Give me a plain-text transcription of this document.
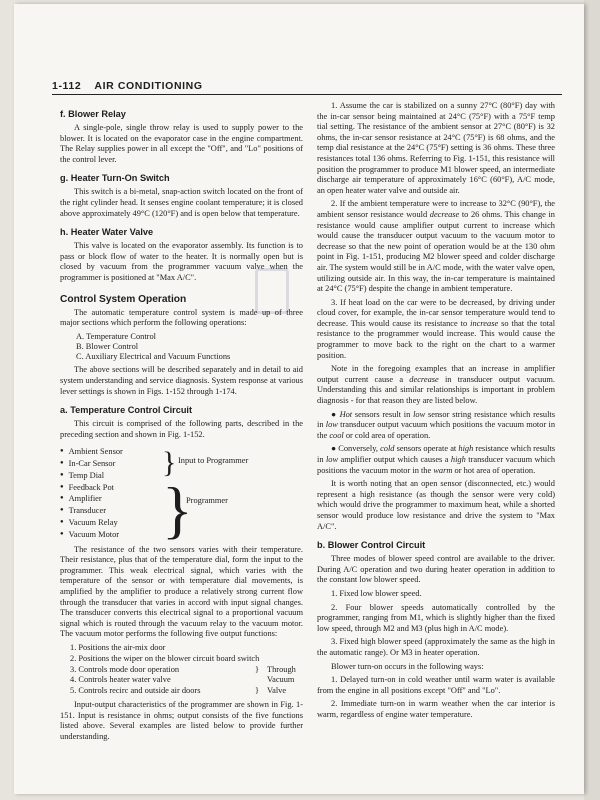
1-112 AIR CONDITIONING
f. Blower Relay

A single-pole, single throw relay is used to supply power to the blower. It is located on the evaporator case in the engine compartment. The Relay supplies power in all except the "Off", and "Lo" positions of the control lever.

g. Heater Turn-On Switch

This switch is a bi-metal, snap-action switch located on the front of the right cylinder head. It senses engine coolant temperature; it is closed above approximately 49°C (120°F) and is open below that temperature.

h. Heater Water Valve

This valve is located on the evaporator assembly. Its function is to pass or block flow of water to the heater. It is normally open but is closed by vacuum from the programmer vacuum valve when the programmer is positioned at "Max A/C".

Control System Operation

The automatic temperature control system is made up of three major sections which perform the following operations:

A. Temperature Control
B. Blower Control
C. Auxiliary Electrical and Vacuum Functions

The above sections will be described separately and in detail to aid system understanding and service diagnosis. System response at various lever settings is shown in Figs. 1-152 through 1-174.

a. Temperature Control Circuit

This circuit is comprised of the following parts, described in the preceding section and shown in Fig. 1-152.

● Ambient Sensor
● In-Car Sensor
● Temp Dial
● Feedback Pot
● Amplifier
● Transducer
● Vacuum Relay
● Vacuum Motor
} Input to Programmer
}
Programmer

The resistance of the two sensors varies with their temperature. Their resistance, plus that of the temperature dial, form the input to the programmer. This weak electrical signal, which varies with the temperature of the sensor or with temperature dial movements, is amplified by the amplifier to produce a relatively strong current flow through the transducer that varies in accord with input signal changes. The transducer converts this electrical signal to a proportional vacuum signal which is routed through the vacuum relay to the vacuum motor. The vacuum motor performs the following five output functions:

1. Positions the air-mix door
2. Positions the wiper on the blower circuit board switch
3. Controls mode door operation	} Through
4. Controls heater water valve	Vacuum
5. Controls recirc and outside air doors	} Valve

Input-output characteristics of the programmer are shown in Fig. 1-151. Input is resistance in ohms; output consists of the five functions listed above. Several examples are listed below to provide further understanding.

1. Assume the car is stabilized on a sunny 27°C (80°F) day with the in-car sensor being maintained at 24°C (75°F) with a 75°F temp tial setting. The resistance of the ambient sensor at 27°C (80°F) is 32 ohms, the in-car sensor resistance at 24°C (75°F) is 68 ohms, and the temp dial resistance at the 24°C (75°F) setting is 36 ohms. These three resistances total 136 ohms. Referring to Fig. 1-151, this resistance will position the programmer to produce M1 blower speed, an intermediate discharge air temperature of approximately 16°C (60°F), A/C mode, an open heater water valve and outside air.

2. If the ambient temperature were to increase to 32°C (90°F), the ambient sensor resistance would decrease to 26 ohms. This change in resistance would cause amplifier output current to increase which would cause the transducer output vacuum to the vacuum motor to decrease so that the new point of operation would be at the 130 ohm point in Fig. 1-151, producing M2 blower speed and colder discharge air. The system would still be in A/C mode, with the water valve open, utilizing outside air. In this way, the in-car temperature is maintained at 24°C (75°F) despite the change in ambient temperature.

3. If heat load on the car were to be decreased, by driving under cloud cover, for example, the in-car sensor temperature would tend to decrease. This would cause its resistance to increase so that the total resistance to the programmer would increase. This would cause the programmer to move back to the right on the chart to a warmer position.

Note in the foregoing examples that an increase in amplifier output current cause a decrease in transducer output vacuum. Understanding this and similar relationships is important in problem diagnosis - for that reason they are listed below.

● Hot sensors result in low sensor string resistance which results in low transducer output vacuum which positions the vacuum motor in the cool or cold area of operation.

● Conversely, cold sensors operate at high resistance which results in low amplifier output which causes a high transducer vacuum which positions the vacuum motor in the warm or hot area of operation.

It is worth noting that an open sensor (disconnected, etc.) would represent a high resistance (as though the sensor were very cold) which would drive the programmer to maximum heat, while a shorted sensor would produce low resistance and drive the system to "Max A/C".

b. Blower Control Circuit

Three modes of blower speed control are available to the driver. During A/C operation and two during heater operation in addition to the constant low blower speed.

1. Fixed low blower speed.

2. Four blower speeds automatically controlled by the programmer, ranging from M1, which is slightly higher than the fixed low speed, through M2 and M3 (plus high in A/C mode).

3. Fixed high blower speed (approximately the same as the high in the automatic range). Or M3 in heater operation.

Blower turn-on occurs in the following ways:

1. Delayed turn-on in cold weather until warm water is available from the engine in all positions except "Off" and "Lo".

2. Immediate turn-on in warm weather when the car interior is warm, regardless of engine water temperature.
